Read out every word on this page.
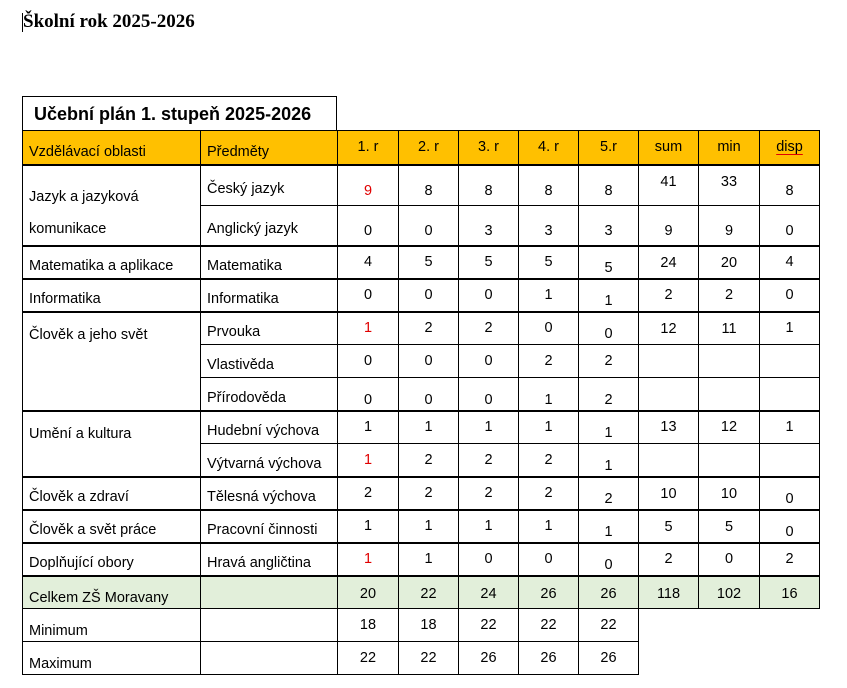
Školní rok 2025-2026
Učební plán 1. stupeň 2025-2026
Vzdělávací oblasti	Předměty	1. r	2. r	3. r	4. r	5.r	sum	min	disp
Jazyk a jazyková komunikace	Český jazyk	9	8	8	8	8	41	33	8
	Anglický jazyk	0	0	3	3	3	9	9	0
Matematika a aplikace	Matematika	4	5	5	5	5	24	20	4
Informatika	Informatika	0	0	0	1	1	2	2	0
Člověk a jeho svět	Prvouka	1	2	2	0	0	12	11	1
	Vlastivěda	0	0	0	2	2			
	Přírodověda	0	0	0	1	2			
Umění a kultura	Hudební výchova	1	1	1	1	1	13	12	1
	Výtvarná výchova	1	2	2	2	1			
Člověk a zdraví	Tělesná výchova	2	2	2	2	2	10	10	0
Člověk a svět práce	Pracovní činnosti	1	1	1	1	1	5	5	0
Doplňující obory	Hravá angličtina	1	1	0	0	0	2	0	2
Celkem ZŠ Moravany		20	22	24	26	26	118	102	16
Minimum		18	18	22	22	22			
Maximum		22	22	26	26	26			
